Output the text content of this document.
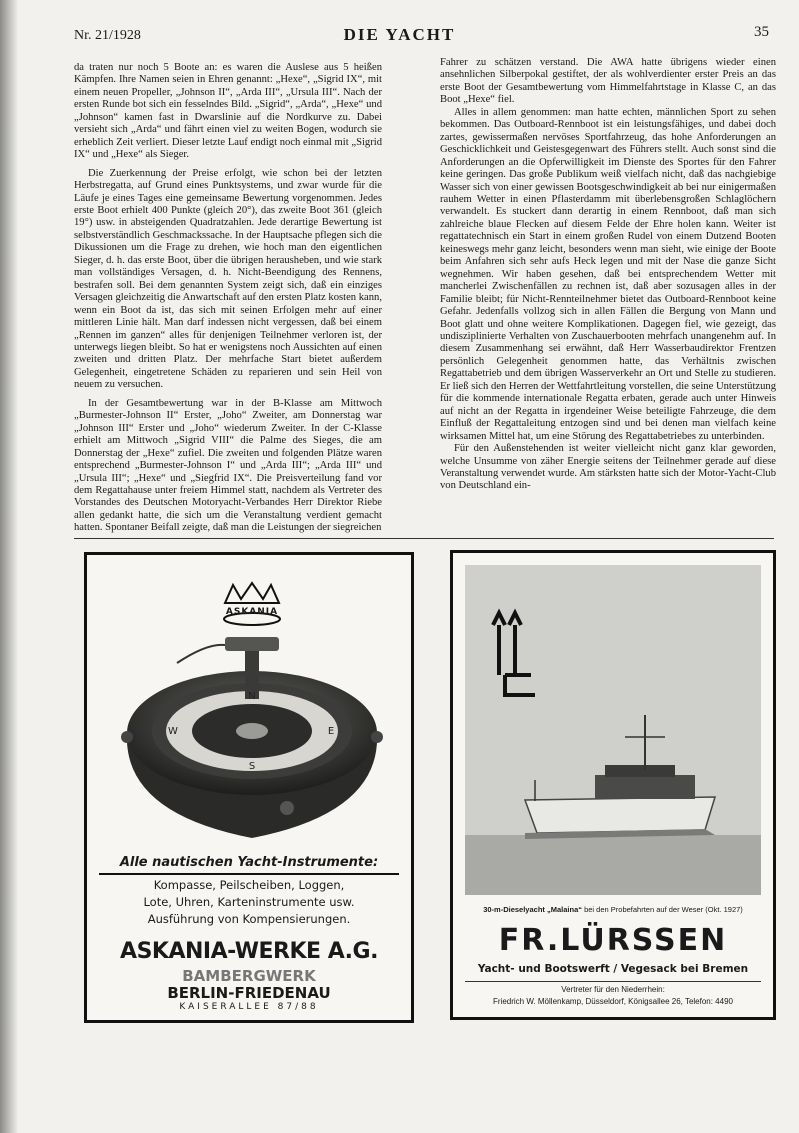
Nr. 21/1928	DIE YACHT	35

da traten nur noch 5 Boote an: es waren die Auslese aus 5 heißen Kämpfen. Ihre Namen seien in Ehren genannt: „Hexe“, „Sigrid IX“, mit einem neuen Propeller, „Johnson II“, „Arda III“, „Ursula III“. Nach der ersten Runde bot sich ein fesselndes Bild. „Sigrid“, „Arda“, „Hexe“ und „Johnson“ kamen fast in Dwarslinie auf die Nordkurve zu. Dabei versieht sich „Arda“ und fährt einen viel zu weiten Bogen, wodurch sie erheblich Zeit verliert. Dieser letzte Lauf endigt noch einmal mit „Sigrid IX“ und „Hexe“ als Sieger.

Die Zuerkennung der Preise erfolgt, wie schon bei der letzten Herbstregatta, auf Grund eines Punktsystems, und zwar wurde für die Läufe je eines Tages eine gemeinsame Bewertung vorgenommen. Jedes erste Boot erhielt 400 Punkte (gleich 20°), das zweite Boot 361 (gleich 19°) usw. in absteigenden Quadratzahlen. Jede derartige Bewertung ist selbstverständlich Geschmackssache. In der Hauptsache pflegen sich die Dikussionen um die Frage zu drehen, wie hoch man den eigentlichen Sieger, d. h. das erste Boot, über die übrigen herausheben, und wie stark man vollständiges Versagen, d. h. Nicht-Beendigung des Rennens, bestrafen soll. Bei dem genannten System zeigt sich, daß ein einziges Versagen gleichzeitig die Anwartschaft auf den ersten Platz kosten kann, wenn ein Boot da ist, das sich mit seinen Erfolgen mehr auf einer mittleren Linie hält. Man darf indessen nicht vergessen, daß bei einem „Rennen im ganzen“ alles für denjenigen Teilnehmer verloren ist, der unterwegs liegen bleibt. So hat er wenigstens noch Aussichten auf einen zweiten und dritten Platz. Der mehrfache Start bietet außerdem Gelegenheit, eingetretene Schäden zu reparieren und sein Heil von neuem zu versuchen.

In der Gesamtbewertung war in der B-Klasse am Mittwoch „Burmester-Johnson II“ Erster, „Joho“ Zweiter, am Donnerstag war „Johnson III“ Erster und „Joho“ wiederum Zweiter. In der C-Klasse erhielt am Mittwoch „Sigrid VIII“ die Palme des Sieges, die am Donnerstag der „Hexe“ zufiel. Die zweiten und folgenden Plätze waren entsprechend „Burmester-Johnson I“ und „Arda III“; „Arda III“ und „Ursula III“; „Hexe“ und „Siegfrid IX“. Die Preisverteilung fand vor dem Regattahause unter freiem Himmel statt, nachdem als Vertreter des Vorstandes des Deutschen Motoryacht-Verbandes Herr Direktor Riebe allen gedankt hatte, die sich um die Veranstaltung verdient gemacht hatten. Spontaner Beifall zeigte, daß man die Leistungen der siegreichen

Fahrer zu schätzen verstand. Die AWA hatte übrigens wieder einen ansehnlichen Silberpokal gestiftet, der als wohlverdienter erster Preis an das erste Boot der Gesamtbewertung vom Himmelfahrtstage in Klasse C, an das Boot „Hexe“ fiel.

Alles in allem genommen: man hatte echten, männlichen Sport zu sehen bekommen. Das Outboard-Rennboot ist ein leistungsfähiges, und dabei doch zartes, gewissermaßen nervöses Sportfahrzeug, das hohe Anforderungen an Geschicklichkeit und Geistesgegenwart des Führers stellt. Auch sonst sind die Anforderungen an die Opferwilligkeit im Dienste des Sportes für den Fahrer keine geringen. Das große Publikum weiß vielfach nicht, daß das nachgiebige Wasser sich von einer gewissen Bootsgeschwindigkeit ab bei nur einigermaßen rauhem Wetter in einen Pflasterdamm mit überlebensgroßen Schlaglöchern verwandelt. Es stuckert dann derartig in einem Rennboot, daß man sich zahlreiche blaue Flecken auf diesem Felde der Ehre holen kann. Weiter ist regattatechnisch ein Start in einem großen Rudel von einem Dutzend Booten keineswegs mehr ganz leicht, besonders wenn man sieht, wie einige der Boote beim Anfahren sich sehr aufs Heck legen und mit der Nase die ganze Sicht wegnehmen. Wir haben gesehen, daß bei entsprechendem Wetter mit mancherlei Zwischenfällen zu rechnen ist, daß aber sozusagen alles in der Familie bleibt; für Nicht-Rennteilnehmer bietet das Outboard-Rennboot keine Gefahr. Jedenfalls vollzog sich in allen Fällen die Bergung von Mann und Boot glatt und ohne weitere Komplikationen. Dagegen fiel, wie gezeigt, das undisziplinierte Verhalten von Zuschauerbooten mehrfach unangenehm auf. In diesem Zusammenhang sei erwähnt, daß Herr Wasserbaudirektor Frentzen persönlich Gelegenheit genommen hatte, das Verhältnis zwischen Regattabetrieb und dem übrigen Wasserverkehr an Ort und Stelle zu studieren. Er ließ sich den Herren der Wettfahrtleitung vorstellen, die seine Unterstützung für die kommende internationale Regatta erbaten, gerade auch unter Hinweis auf nicht an der Regatta in irgendeiner Weise beteiligte Fahrzeuge, die dem Einfluß der Regattaleitung entzogen sind und bei denen man vielfach keine wirksamen Mittel hat, um eine Störung des Regattabetriebes zu unterbinden.

Für den Außenstehenden ist weiter vielleicht nicht ganz klar geworden, welche Unsumme von zäher Energie seitens der Teilnehmer gerade auf diese Veranstaltung verwendet wurde. Am stärksten hatte sich der Motor-Yacht-Club von Deutschland ein-

ASKANIA
N
E
S
W
Alle nautischen Yacht-Instrumente:
Kompasse, Peilscheiben, Loggen,
Lote, Uhren, Karteninstrumente usw.
Ausführung von Kompensierungen.
ASKANIA-WERKE A.G.
BAMBERGWERK
BERLIN-FRIEDENAU
KAISERALLEE 87/88
30-m-Dieselyacht „Malaina“ bei den Probefahrten auf der Weser (Okt. 1927)
FR.LÜRSSEN
Yacht- und Bootswerft / Vegesack bei Bremen
Vertreter für den Niederrhein:
Friedrich W. Möllenkamp, Düsseldorf, Königsallee 26, Telefon: 4490
